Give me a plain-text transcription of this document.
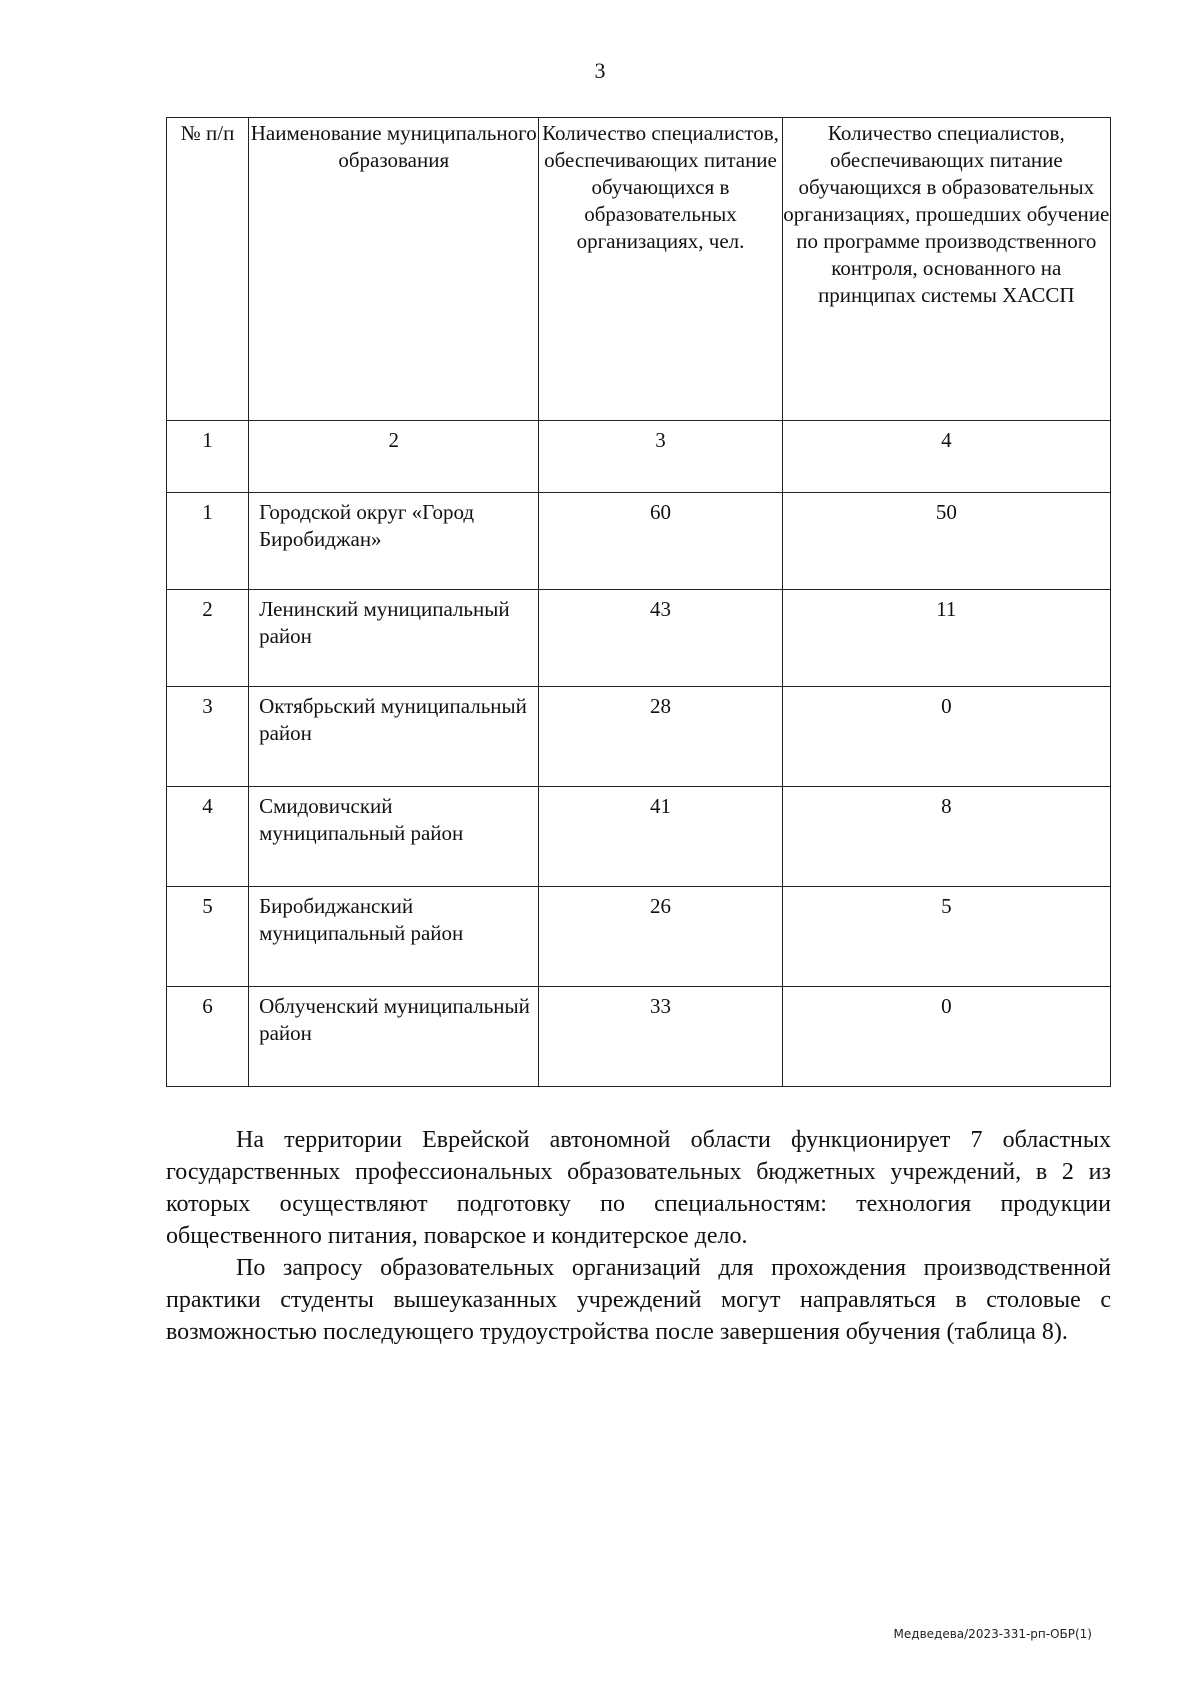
3
№ п/п	Наименование муниципального образования	Количество специалистов, обеспечивающих питание обучающихся в образовательных организациях, чел.	Количество специалистов, обеспечивающих питание обучающихся в образовательных организациях, прошедших обучение по программе производственного контроля, основанного на принципах системы ХАССП

1	2	3	4

1	Городской округ «Город Биробиджан»	60	50

2	Ленинский муниципальный район	43	11

3	Октябрьский муниципальный район	28	0

4	Смидовичский муниципальный район	41	8

5	Биробиджанский муниципальный район	26	5

6	Облученский муниципальный район	33	0

На территории Еврейской автономной области функционирует 7 областных государственных профессиональных образовательных бюджетных учреждений, в 2 из которых осуществляют подготовку по специальностям: технология продукции общественного питания, поварское и кондитерское дело.

По запросу образовательных организаций для прохождения производственной практики студенты вышеуказанных учреждений могут направляться в столовые с возможностью последующего трудоустройства после завершения обучения (таблица 8).

Медведева/2023-331-рп-ОБР(1)
